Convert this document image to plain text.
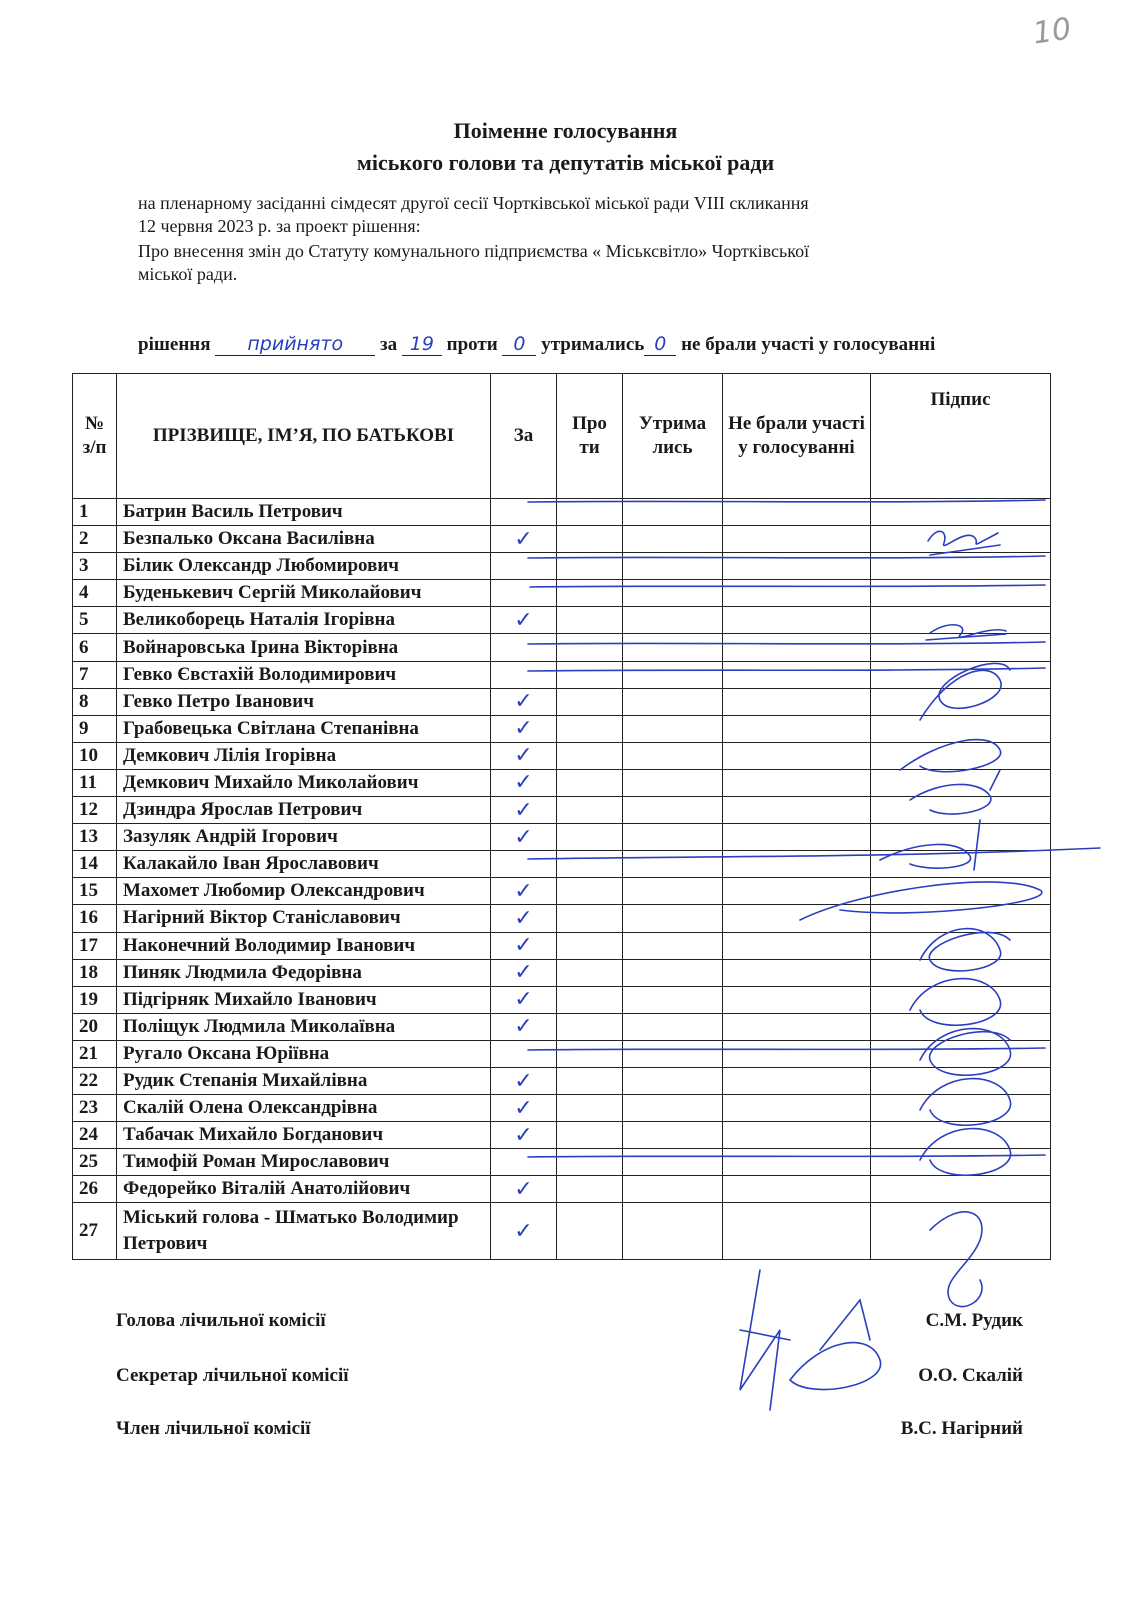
10
Поіменне голосування
міського голови та депутатів міської ради
на пленарному засіданні сімдесят другої сесії Чортківської міської ради VIII скликання
12 червня 2023 р. за проект рішення:
Про внесення змін до Статуту комунального підприємства « Міськсвітло» Чортківської
міської ради.
рішення прийнято за 19 проти 0 утримались 0 не брали участі у голосуванні
№ з/п	ПРІЗВИЩЕ, ІМ’Я, ПО БАТЬКОВІ	За	Про ти	Утрима лись	Не брали участі у голосуванні	Підпис
1	Батрин Василь Петрович					
2	Безпалько Оксана Василівна	✓				
3	Білик Олександр Любомирович					
4	Буденькевич Сергій Миколайович					
5	Великоборець Наталія Ігорівна	✓				
6	Войнаровська Ірина Вікторівна					
7	Гевко Євстахій Володимирович					
8	Гевко Петро Іванович	✓				
9	Грабовецька Світлана Степанівна	✓				
10	Демкович Лілія Ігорівна	✓				
11	Демкович Михайло Миколайович	✓				
12	Дзиндра Ярослав Петрович	✓				
13	Зазуляк Андрій Ігорович	✓				
14	Калакайло Іван Ярославович					
15	Махомет Любомир Олександрович	✓				
16	Нагірний Віктор Станіславович	✓				
17	Наконечний Володимир Іванович	✓				
18	Пиняк Людмила Федорівна	✓				
19	Підгірняк Михайло Іванович	✓				
20	Поліщук Людмила Миколаївна	✓				
21	Ругало Оксана Юріївна					
22	Рудик Степанія Михайлівна	✓				
23	Скалій Олена Олександрівна	✓				
24	Табачак Михайло Богданович	✓				
25	Тимофій Роман Мирославович					
26	Федорейко Віталій Анатолійович	✓				
27	Міський голова - Шматько Володимир Петрович	✓				
Голова лічильної комісії	С.М. Рудик
Секретар лічильної комісії	О.О. Скалій
Член лічильної комісії	В.С. Нагірний
